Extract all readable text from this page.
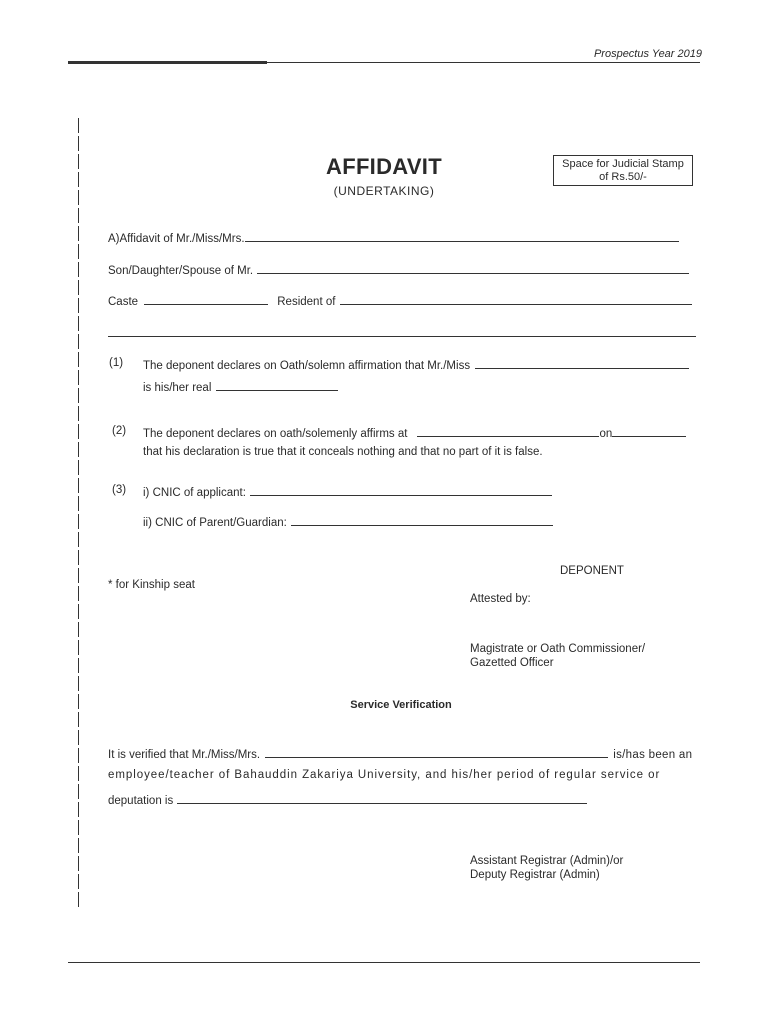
Prospectus Year 2019
AFFIDAVIT
(UNDERTAKING)
Space for Judicial Stamp
of Rs.50/-
A)Affidavit of Mr./Miss/Mrs.
Son/Daughter/Spouse of Mr.
Caste	Resident of
(1) The deponent declares on Oath/solemn affirmation that Mr./Miss
is his/her real
(2) The deponent declares on oath/solemenly affirms at	on
that his declaration is true that it conceals nothing and that no part of it is false.
(3) i) CNIC of applicant:
ii) CNIC of Parent/Guardian:
DEPONENT
* for Kinship seat
Attested by:
Magistrate or Oath Commissioner/
Gazetted Officer
Service Verification
It is verified that Mr./Miss/Mrs.	is/has been an
employee/teacher of Bahauddin Zakariya University, and his/her period of regular service or
deputation is
Assistant Registrar (Admin)/or
Deputy Registrar (Admin)
